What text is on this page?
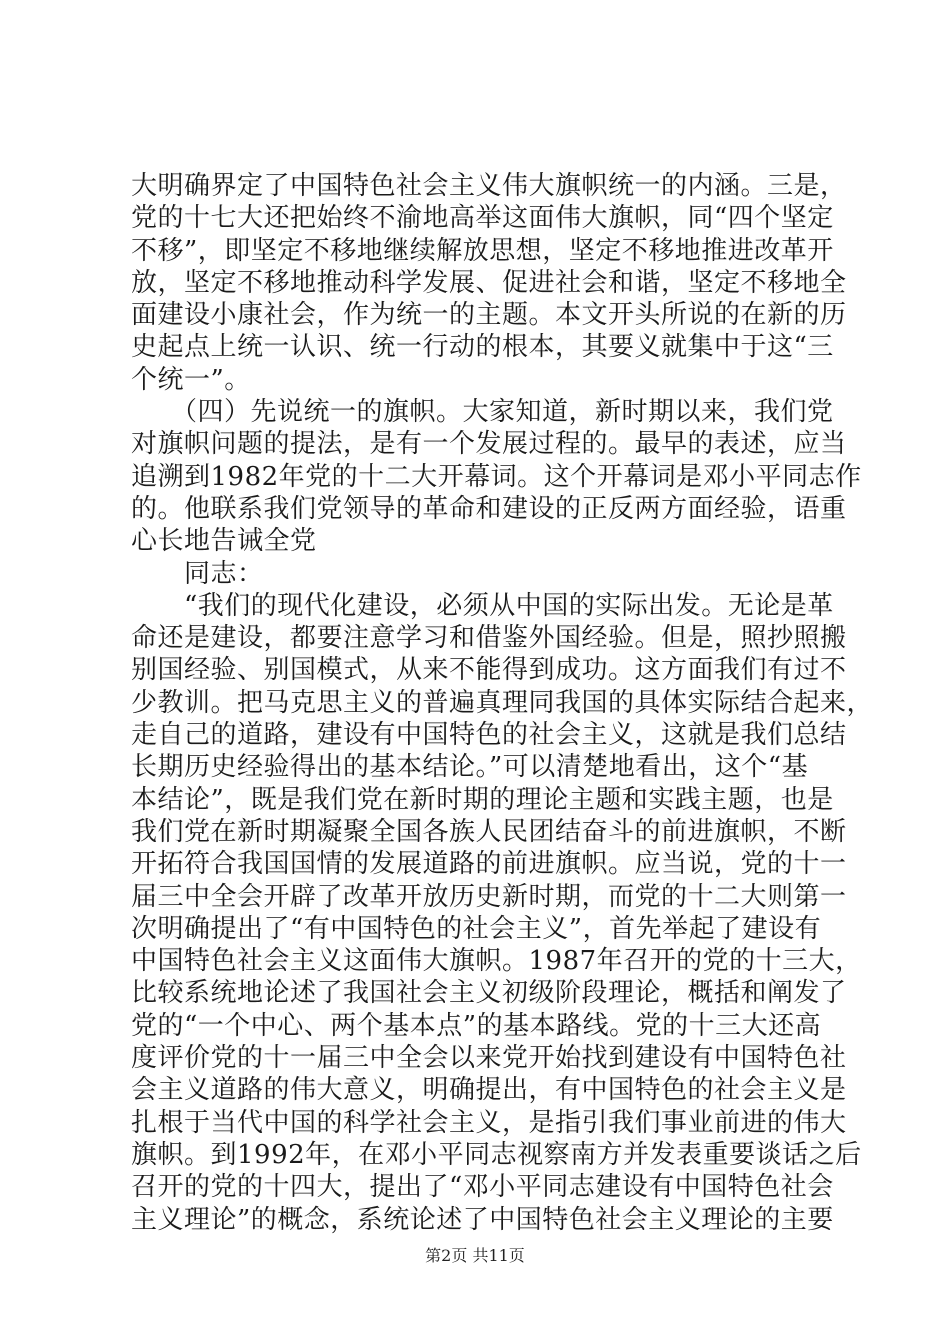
大明确界定了中国特色社会主义伟大旗帜统一的内涵。三是，
党的十七大还把始终不渝地高举这面伟大旗帜，同“四个坚定
不移”，即坚定不移地继续解放思想，坚定不移地推进改革开
放，坚定不移地推动科学发展、促进社会和谐，坚定不移地全
面建设小康社会，作为统一的主题。本文开头所说的在新的历
史起点上统一认识、统一行动的根本，其要义就集中于这“三
个统一”。
　　（四）先说统一的旗帜。大家知道，新时期以来，我们党
对旗帜问题的提法，是有一个发展过程的。最早的表述，应当
追溯到1982年党的十二大开幕词。这个开幕词是邓小平同志作
的。他联系我们党领导的革命和建设的正反两方面经验，语重
心长地告诫全党
　　同志：
　　“我们的现代化建设，必须从中国的实际出发。无论是革
命还是建设，都要注意学习和借鉴外国经验。但是，照抄照搬
别国经验、别国模式，从来不能得到成功。这方面我们有过不
少教训。把马克思主义的普遍真理同我国的具体实际结合起来，
走自己的道路，建设有中国特色的社会主义，这就是我们总结
长期历史经验得出的基本结论。”可以清楚地看出，这个“基
本结论”，既是我们党在新时期的理论主题和实践主题，也是
我们党在新时期凝聚全国各族人民团结奋斗的前进旗帜，不断
开拓符合我国国情的发展道路的前进旗帜。应当说，党的十一
届三中全会开辟了改革开放历史新时期，而党的十二大则第一
次明确提出了“有中国特色的社会主义”，首先举起了建设有
中国特色社会主义这面伟大旗帜。1987年召开的党的十三大，
比较系统地论述了我国社会主义初级阶段理论，概括和阐发了
党的“一个中心、两个基本点”的基本路线。党的十三大还高
度评价党的十一届三中全会以来党开始找到建设有中国特色社
会主义道路的伟大意义，明确提出，有中国特色的社会主义是
扎根于当代中国的科学社会主义，是指引我们事业前进的伟大
旗帜。到1992年，在邓小平同志视察南方并发表重要谈话之后
召开的党的十四大，提出了“邓小平同志建设有中国特色社会
主义理论”的概念，系统论述了中国特色社会主义理论的主要
第2页 共11页
